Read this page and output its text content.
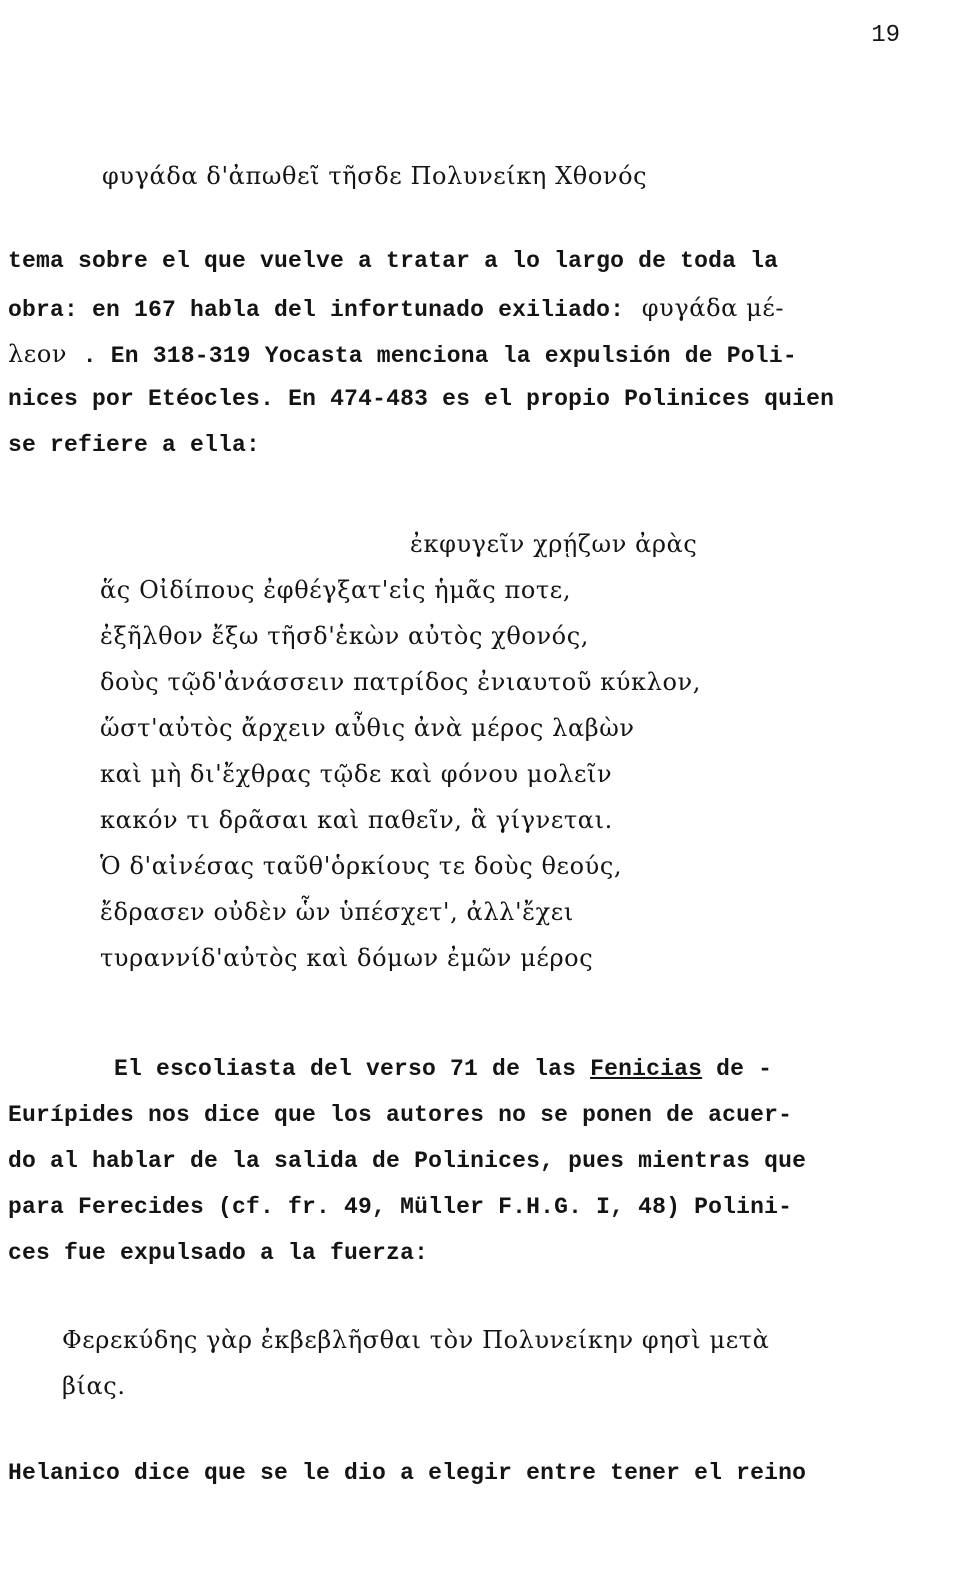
19
φυγάδα δ'ἀπωθεῖ τῆσδε Πολυνείκη Χθονός
tema sobre el que vuelve a tratar a lo largo de toda la
obra: en 167 habla del infortunado exiliado: φυγάδα μέ-
λεον . En 318-319 Yocasta menciona la expulsión de Poli-
nices por Etéocles. En 474-483 es el propio Polinices quien
se refiere a ella:
ἐκφυγεῖν χρῄζων ἀρὰς
ἅς Οἰδίπους ἐφθέγξατ'εἰς ἡμᾶς ποτε,
ἐξῆλθον ἔξω τῆσδ'ἑκὼν αὐτὸς χθονός,
δοὺς τῷδ'ἀνάσσειν πατρίδος ἐνιαυτοῦ κύκλον,
ὥστ'αὐτὸς ἄρχειν αὖθις ἀνὰ μέρος λαβὼν
καὶ μὴ δι'ἔχθρας τῷδε καὶ φόνου μολεῖν
κακόν τι δρᾶσαι καὶ παθεῖν, ἃ γίγνεται.
Ὁ δ'αἰνέσας ταῦθ'ὁρκίους τε δοὺς θεούς,
ἔδρασεν οὐδὲν ὧν ὑπέσχετ', ἀλλ'ἔχει
τυραννίδ'αὐτὸς καὶ δόμων ἐμῶν μέρος
El escoliasta del verso 71 de las Fenicias de -
Eurípides nos dice que los autores no se ponen de acuer-
do al hablar de la salida de Polinices, pues mientras que
para Ferecides (cf. fr. 49, Müller F.H.G. I, 48) Polini-
ces fue expulsado a la fuerza:
Φερεκύδης γὰρ ἐκβεβλῆσθαι τὸν Πολυνείκην φησὶ μετὰ
βίας.
Helanico dice que se le dio a elegir entre tener el reino
